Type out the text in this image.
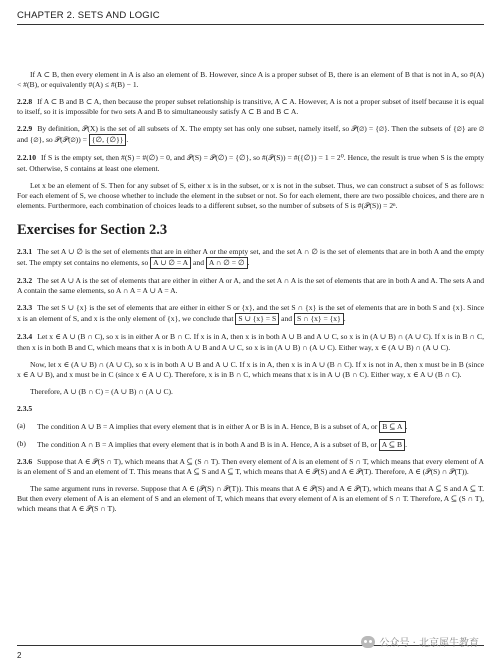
CHAPTER 2. SETS AND LOGIC

If A ⊂ B, then every element in A is also an element of B. However, since A is a proper subset of B, there is an element of B that is not in A, so #(A) < #(B), or equivalently #(A) ≤ #(B) − 1.

2.2.8 If A ⊂ B and B ⊂ A, then because the proper subset relationship is transitive, A ⊂ A. However, A is not a proper subset of itself because it is equal to itself, so it is impossible for two sets A and B to simultaneously satisfy A ⊂ B and B ⊂ A.

2.2.9 By definition, 𝒫(X) is the set of all subsets of X. The empty set has only one subset, namely itself, so 𝒫(∅) = {∅}. Then the subsets of {∅} are ∅ and {∅}, so 𝒫(𝒫(∅)) = {∅, {∅}} .

2.2.10 If S is the empty set, then #(S) = #(∅) = 0, and 𝒫(S) = 𝒫(∅) = {∅}, so #(𝒫(S)) = #({∅}) = 1 = 2⁰. Hence, the result is true when S is the empty set. Otherwise, S contains at least one element.

Let x be an element of S. Then for any subset of S, either x is in the subset, or x is not in the subset. Thus, we can construct a subset of S as follows: For each element of S, we choose whether to include the element in the subset or not. So for each element, there are two possible choices, and there are n elements. Furthermore, each combination of choices leads to a different subset, so the number of subsets of S is #(𝒫(S)) = 2ⁿ.

Exercises for Section 2.3

2.3.1 The set A ∪ ∅ is the set of elements that are in either A or the empty set, and the set A ∩ ∅ is the set of elements that are in both A and the empty set. The empty set contains no elements, so A ∪ ∅ = A and A ∩ ∅ = ∅ .

2.3.2 The set A ∪ A is the set of elements that are either in either A or A, and the set A ∩ A is the set of elements that are in both A and A. The sets A and A contain the same elements, so A ∩ A = A ∪ A = A.

2.3.3 The set S ∪ {x} is the set of elements that are either in either S or {x}, and the set S ∩ {x} is the set of elements that are in both S and {x}. Since x is an element of S, and x is the only element of {x}, we conclude that S ∪ {x} = S and S ∩ {x} = {x} .

2.3.4 Let x ∈ A ∪ (B ∩ C), so x is in either A or B ∩ C. If x is in A, then x is in both A ∪ B and A ∪ C, so x is in (A ∪ B) ∩ (A ∪ C). If x is in B ∩ C, then x is in both B and C, which means that x is in both A ∪ B and A ∪ C, so x is in (A ∪ B) ∩ (A ∪ C). Either way, x ∈ (A ∪ B) ∩ (A ∪ C).

Now, let x ∈ (A ∪ B) ∩ (A ∪ C), so x is in both A ∪ B and A ∪ C. If x is in A, then x is in A ∪ (B ∩ C). If x is not in A, then x must be in B (since x ∈ A ∪ B), and x must be in C (since x ∈ A ∪ C). Therefore, x is in B ∩ C, which means that x is in A ∪ (B ∩ C). Either way, x ∈ A ∪ (B ∩ C).

Therefore, A ∪ (B ∩ C) = (A ∪ B) ∩ (A ∪ C).

2.3.5

(a)	The condition A ∪ B = A implies that every element that is in either A or B is in A. Hence, B is a subset of A, or B ⊆ A .
(b)	The condition A ∩ B = A implies that every element that is in both A and B is in A. Hence, A is a subset of B, or A ⊆ B .

2.3.6 Suppose that A ∈ 𝒫(S ∩ T), which means that A ⊆ (S ∩ T). Then every element of A is an element of S ∩ T, which means that every element of A is an element of S and an element of T. This means that A ⊆ S and A ⊆ T, which means that A ∈ 𝒫(S) and A ∈ 𝒫(T). Therefore, A ∈ (𝒫(S) ∩ 𝒫(T)).

The same argument runs in reverse. Suppose that A ∈ (𝒫(S) ∩ 𝒫(T)). This means that A ∈ 𝒫(S) and A ∈ 𝒫(T), which means that A ⊆ S and A ⊆ T. But then every element of A is an element of S and an element of T, which means that every element of A is an element of S ∩ T. Therefore, A ⊆ (S ∩ T), which means that A ∈ 𝒫(S ∩ T).

2
公众号 · 北京犀牛教育
